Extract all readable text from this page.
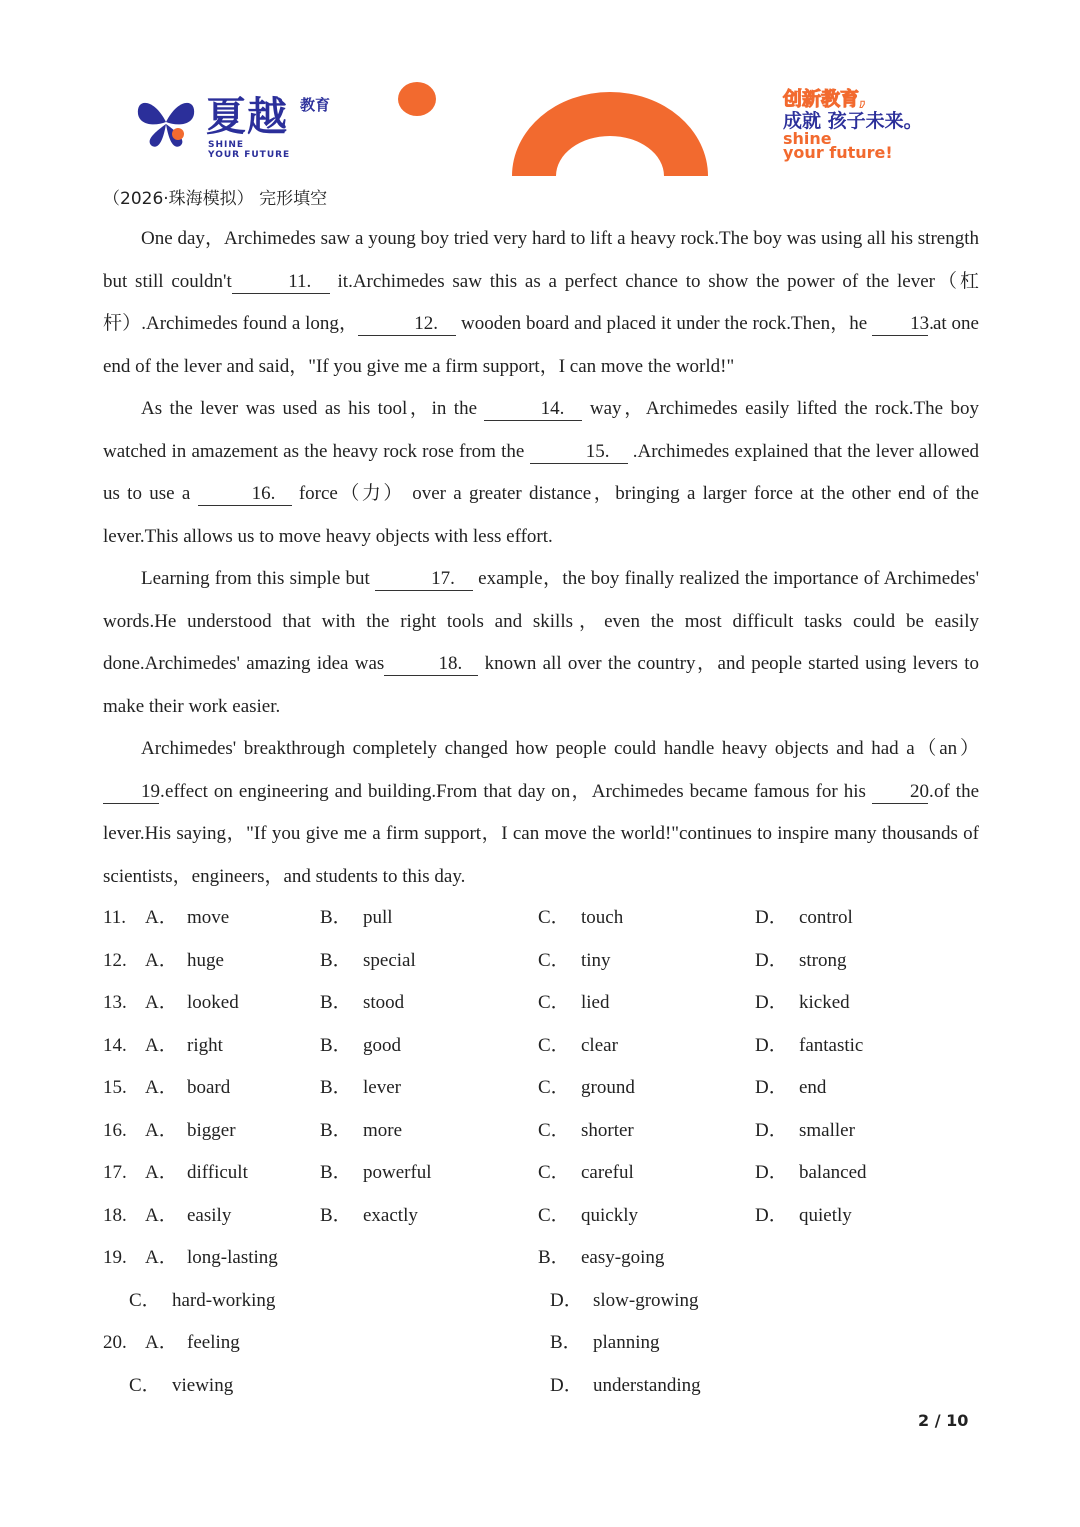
夏越 教育
SHINE
YOUR FUTURE
创新教育,
成就 孩子未来。
shine
your future!
（2026·珠海模拟） 完形填空

One day，Archimedes saw a young boy tried very hard to lift a heavy rock.The boy was using all his strength but still couldn't	11. it.Archimedes saw this as a perfect chance to show the power of the lever（杠杆）.Archimedes found a long，	12. wooden board and placed it under the rock.Then，he 13. at one end of the lever and said，"If you give me a firm support，I can move the world!"

As the lever was used as his tool，in the	14. way，Archimedes easily lifted the rock.The boy watched in amazement as the heavy rock rose from the	15. .Archimedes explained that the lever allowed us to use a	16. force（力） over a greater distance，bringing a larger force at the other end of the lever.This allows us to move heavy objects with less effort.

Learning from this simple but	17. example，the boy finally realized the importance of Archimedes' words.He understood that with the right tools and skills，even the most difficult tasks could be easily done.Archimedes' amazing idea was	18. known all over the country，and people started using levers to make their work easier.

Archimedes' breakthrough completely changed how people could handle heavy objects and had a（an）19. effect on engineering and building.From that day on，Archimedes became famous for his 20. of the lever.His saying，"If you give me a firm support，I can move the world!"continues to inspire many thousands of scientists，engineers，and students to this day.

11. A． move	B． pull	C． touch	D． control
12. A． huge	B． special	C． tiny	D． strong
13. A． looked	B． stood	C． lied	D． kicked
14. A． right	B． good	C． clear	D． fantastic
15. A． board	B． lever	C． ground	D． end
16. A． bigger	B． more	C． shorter	D． smaller
17. A． difficult	B． powerful	C． careful	D． balanced
18. A． easily	B． exactly	C． quickly	D． quietly
19. A． long-lasting	B． easy-going
C． hard-working	D． slow-growing
20. A． feeling	B． planning
C． viewing	D． understanding
2 / 10
